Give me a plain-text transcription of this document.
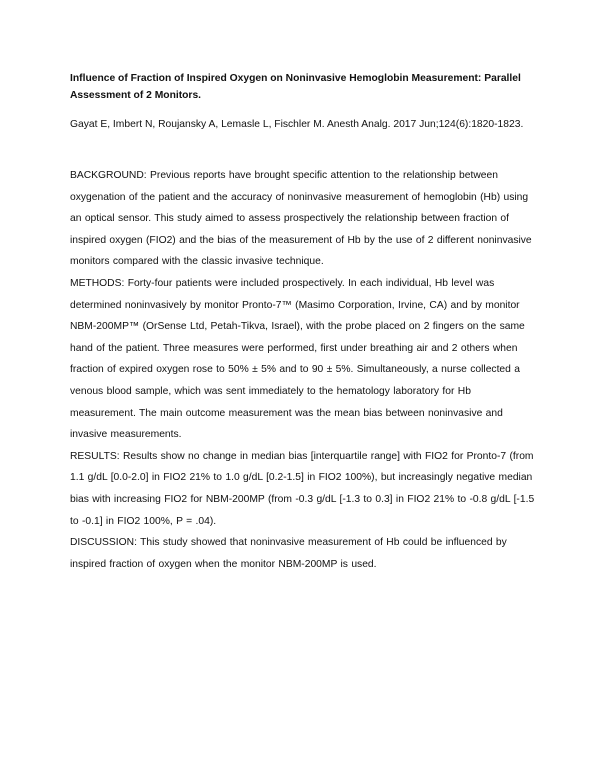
Influence of Fraction of Inspired Oxygen on Noninvasive Hemoglobin Measurement: Parallel Assessment of 2 Monitors.

Gayat E, Imbert N, Roujansky A, Lemasle L, Fischler M. Anesth Analg. 2017 Jun;124(6):1820-1823.

BACKGROUND: Previous reports have brought specific attention to the relationship between oxygenation of the patient and the accuracy of noninvasive measurement of hemoglobin (Hb) using an optical sensor. This study aimed to assess prospectively the relationship between fraction of inspired oxygen (FIO2) and the bias of the measurement of Hb by the use of 2 different noninvasive monitors compared with the classic invasive technique.

METHODS: Forty-four patients were included prospectively. In each individual, Hb level was determined noninvasively by monitor Pronto-7™ (Masimo Corporation, Irvine, CA) and by monitor NBM-200MP™ (OrSense Ltd, Petah-Tikva, Israel), with the probe placed on 2 fingers on the same hand of the patient. Three measures were performed, first under breathing air and 2 others when fraction of expired oxygen rose to 50% ± 5% and to 90 ± 5%. Simultaneously, a nurse collected a venous blood sample, which was sent immediately to the hematology laboratory for Hb measurement. The main outcome measurement was the mean bias between noninvasive and invasive measurements.

RESULTS: Results show no change in median bias [interquartile range] with FIO2 for Pronto-7 (from 1.1 g/dL [0.0-2.0] in FIO2 21% to 1.0 g/dL [0.2-1.5] in FIO2 100%), but increasingly negative median bias with increasing FIO2 for NBM-200MP (from -0.3 g/dL [-1.3 to 0.3] in FIO2 21% to -0.8 g/dL [-1.5 to -0.1] in FIO2 100%, P = .04).

DISCUSSION: This study showed that noninvasive measurement of Hb could be influenced by inspired fraction of oxygen when the monitor NBM-200MP is used.
